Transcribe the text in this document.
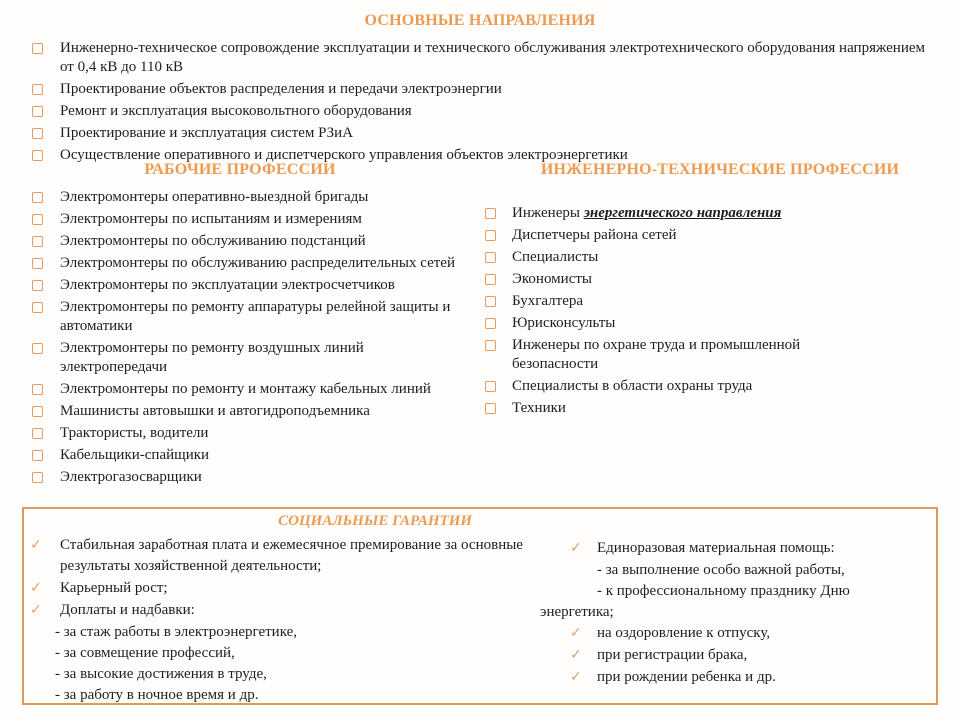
ОСНОВНЫЕ НАПРАВЛЕНИЯ
Инженерно-техническое сопровождение эксплуатации и технического обслуживания электротехнического оборудования напряжением от 0,4 кВ до 110 кВ
Проектирование объектов распределения и передачи электроэнергии
Ремонт и эксплуатация высоковольтного оборудования
Проектирование и эксплуатация систем РЗиА
Осуществление оперативного и диспетчерского управления объектов электроэнергетики
РАБОЧИЕ ПРОФЕССИИ
Электромонтеры оперативно-выездной бригады
Электромонтеры по испытаниям и измерениям
Электромонтеры по обслуживанию подстанций
Электромонтеры по обслуживанию распределительных сетей
Электромонтеры по эксплуатации электросчетчиков
Электромонтеры по ремонту аппаратуры релейной защиты и автоматики
Электромонтеры по ремонту воздушных линий электропередачи
Электромонтеры по ремонту и монтажу кабельных линий
Машинисты автовышки и автогидроподъемника
Трактористы, водители
Кабельщики-спайщики
Электрогазосварщики
ИНЖЕНЕРНО-ТЕХНИЧЕСКИЕ ПРОФЕССИИ
Инженеры энергетического направления
Диспетчеры района сетей
Специалисты
Экономисты
Бухгалтера
Юрисконсульты
Инженеры по охране труда и промышленной безопасности
Специалисты в области охраны труда
Техники
СОЦИАЛЬНЫЕ ГАРАНТИИ
✓ Стабильная заработная плата и ежемесячное премирование за основные результаты хозяйственной деятельности;
✓ Карьерный рост;
✓ Доплаты и надбавки:
- за стаж работы в электроэнергетике,
- за совмещение профессий,
- за высокие достижения в труде,
- за работу в ночное время и др.
✓ Единоразовая материальная помощь:
- за выполнение особо важной работы,
- к профессиональному празднику Дню
энергетика;
✓ на оздоровление к отпуску,
✓ при регистрации брака,
✓ при рождении ребенка и др.
